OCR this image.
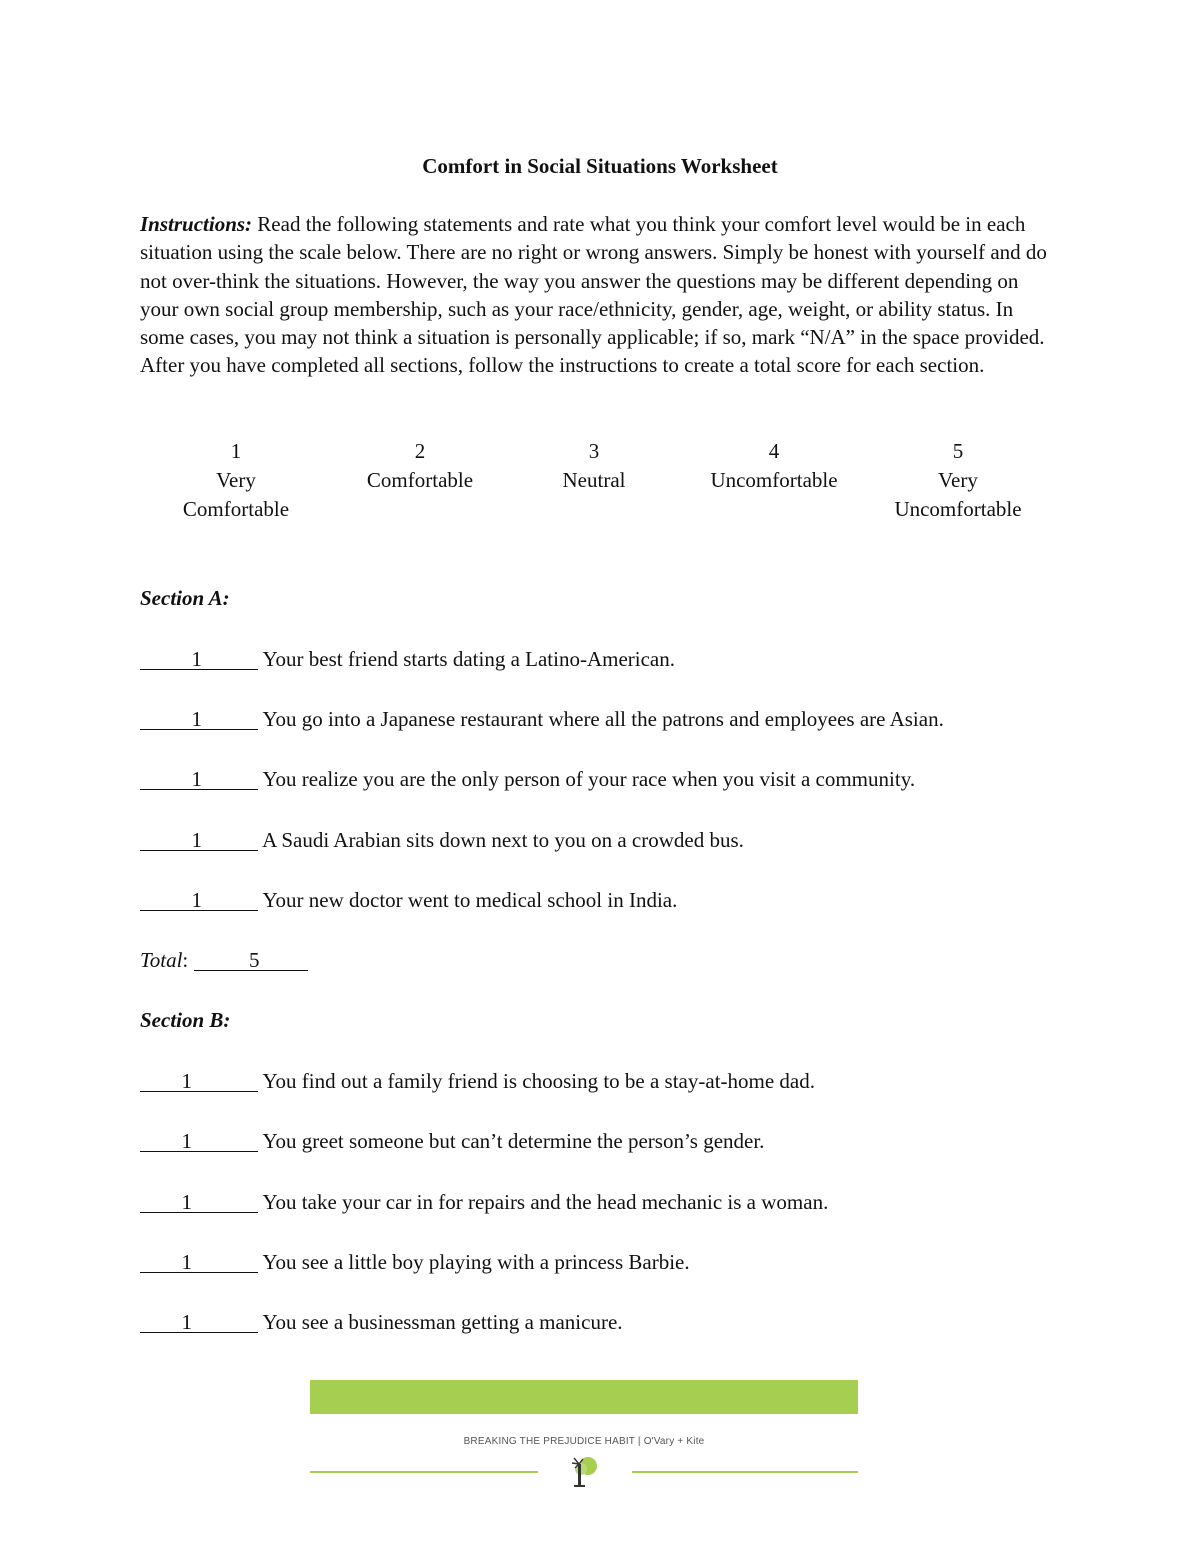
Comfort in Social Situations Worksheet
Instructions: Read the following statements and rate what you think your comfort level would be in each situation using the scale below. There are no right or wrong answers. Simply be honest with yourself and do not over-think the situations. However, the way you answer the questions may be different depending on your own social group membership, such as your race/ethnicity, gender, age, weight, or ability status. In some cases, you may not think a situation is personally applicable; if so, mark “N/A” in the space provided. After you have completed all sections, follow the instructions to create a total score for each section.
1
Very
Comfortable
2
Comfortable
3
Neutral
4
Uncomfortable
5
Very
Uncomfortable
Section A:
1	Your best friend starts dating a Latino-American.
1	You go into a Japanese restaurant where all the patrons and employees are Asian.
1	You realize you are the only person of your race when you visit a community.
1	A Saudi Arabian sits down next to you on a crowded bus.
1	Your new doctor went to medical school in India.
Total:	5
Section B:
1	You find out a family friend is choosing to be a stay-at-home dad.
1	You greet someone but can’t determine the person’s gender.
1	You take your car in for repairs and the head mechanic is a woman.
1	You see a little boy playing with a princess Barbie.
1	You see a businessman getting a manicure.
BREAKING THE PREJUDICE HABIT | O'Vary + Kite
